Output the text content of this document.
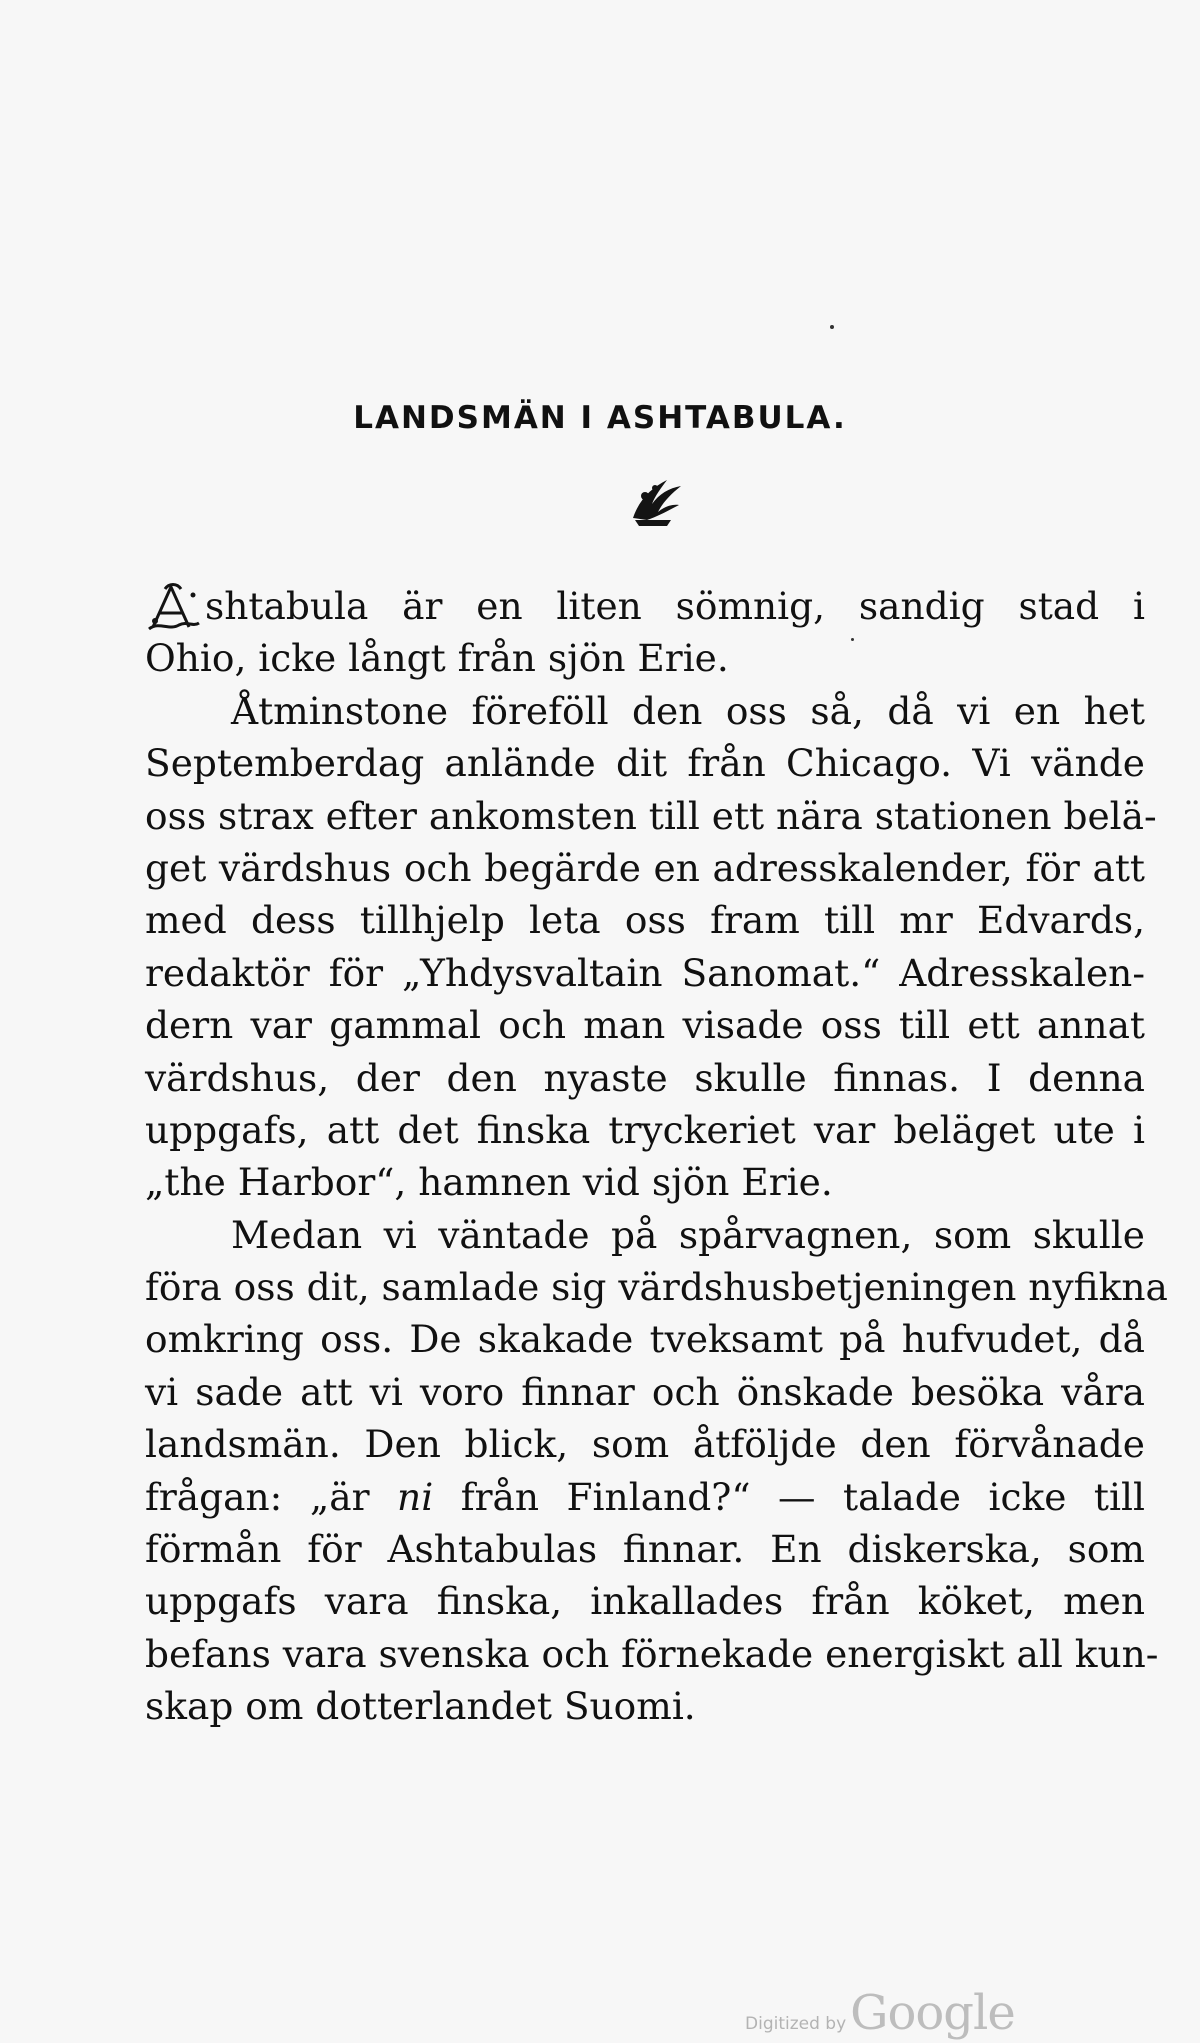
LANDSMÄN I ASHTABULA.
shtabula är en liten sömnig, sandig stad i
Ohio, icke långt från sjön Erie.
Åtminstone föreföll den oss så, då vi en het
Septemberdag anlände dit från Chicago. Vi vände
oss strax efter ankomsten till ett nära stationen belä-
get värdshus och begärde en adresskalender, för att
med dess tillhjelp leta oss fram till mr Edvards,
redaktör för „Yhdysvaltain Sanomat.“ Adresskalen-
dern var gammal och man visade oss till ett annat
värdshus, der den nyaste skulle finnas. I denna
uppgafs, att det finska tryckeriet var beläget ute i
„the Harbor“, hamnen vid sjön Erie.
Medan vi väntade på spårvagnen, som skulle
föra oss dit, samlade sig värdshusbetjeningen nyfikna
omkring oss. De skakade tveksamt på hufvudet, då
vi sade att vi voro finnar och önskade besöka våra
landsmän. Den blick, som åtföljde den förvånade
frågan: „är ni från Finland?“ — talade icke till
förmån för Ashtabulas finnar. En diskerska, som
uppgafs vara finska, inkallades från köket, men
befans vara svenska och förnekade energiskt all kun-
skap om dotterlandet Suomi.
Digitized byGoogle
